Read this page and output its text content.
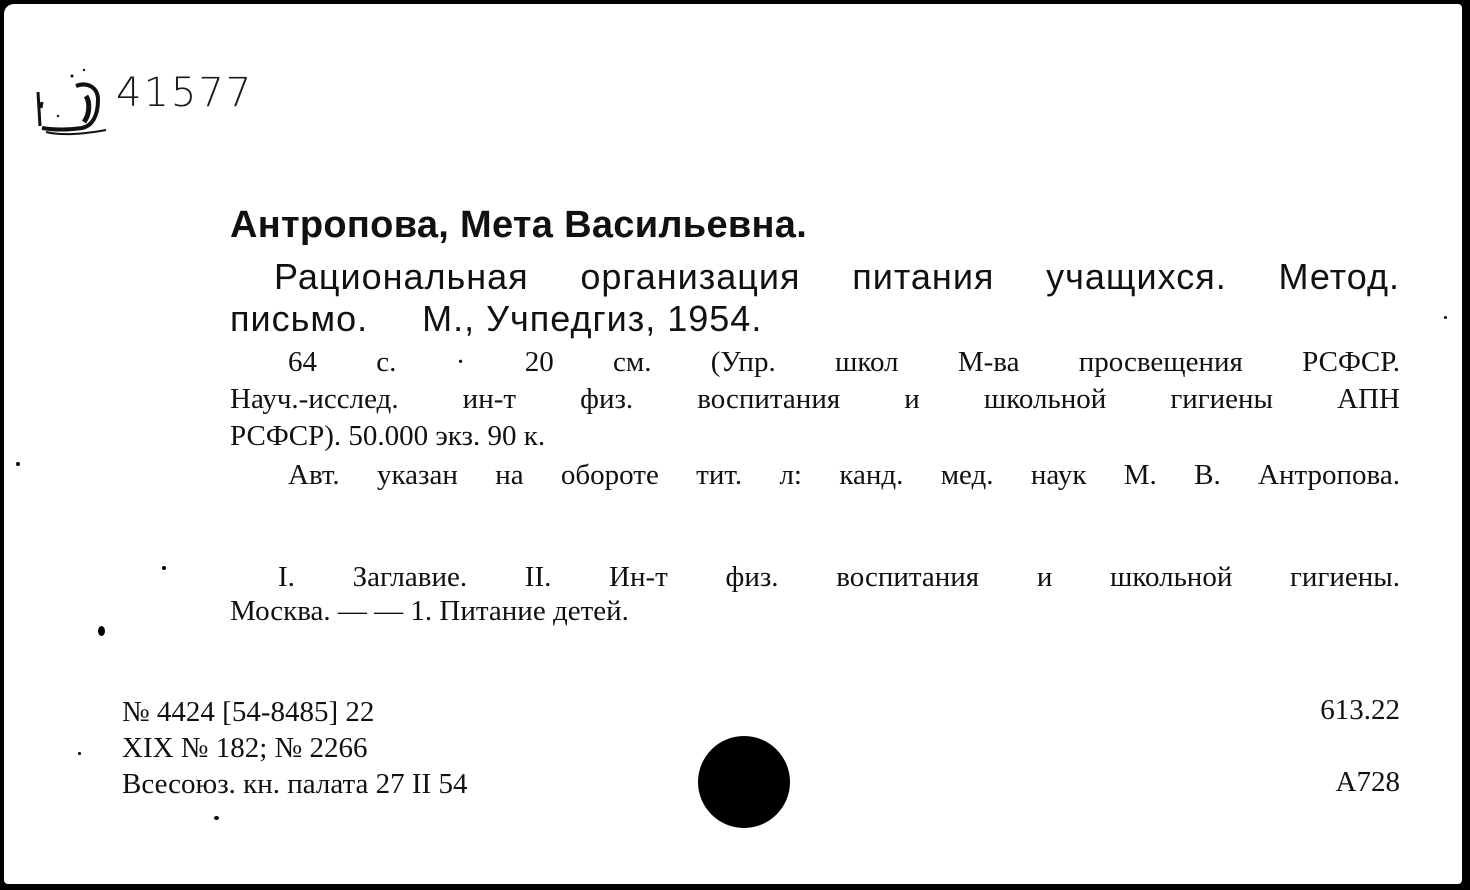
41577
Антропова, Мета Васильевна.
Рациональная организация питания учащихся. Метод.
письмо. М., Учпедгиз, 1954.
64 с. · 20 см. (Упр. школ М-ва просвещения РСФСР.
Науч.-исслед. ин-т физ. воспитания и школьной гигиены АПН
РСФСР). 50.000 экз. 90 к.
Авт. указан на обороте тит. л: канд. мед. наук М. В. Антропова.
I. Заглавие. II. Ин-т физ. воспитания и школьной гигиены.
Москва. — — 1. Питание детей.
№ 4424 [54-8485] 22
XIX № 182; № 2266
Всесоюз. кн. палата 27 II 54
613.22
А728
